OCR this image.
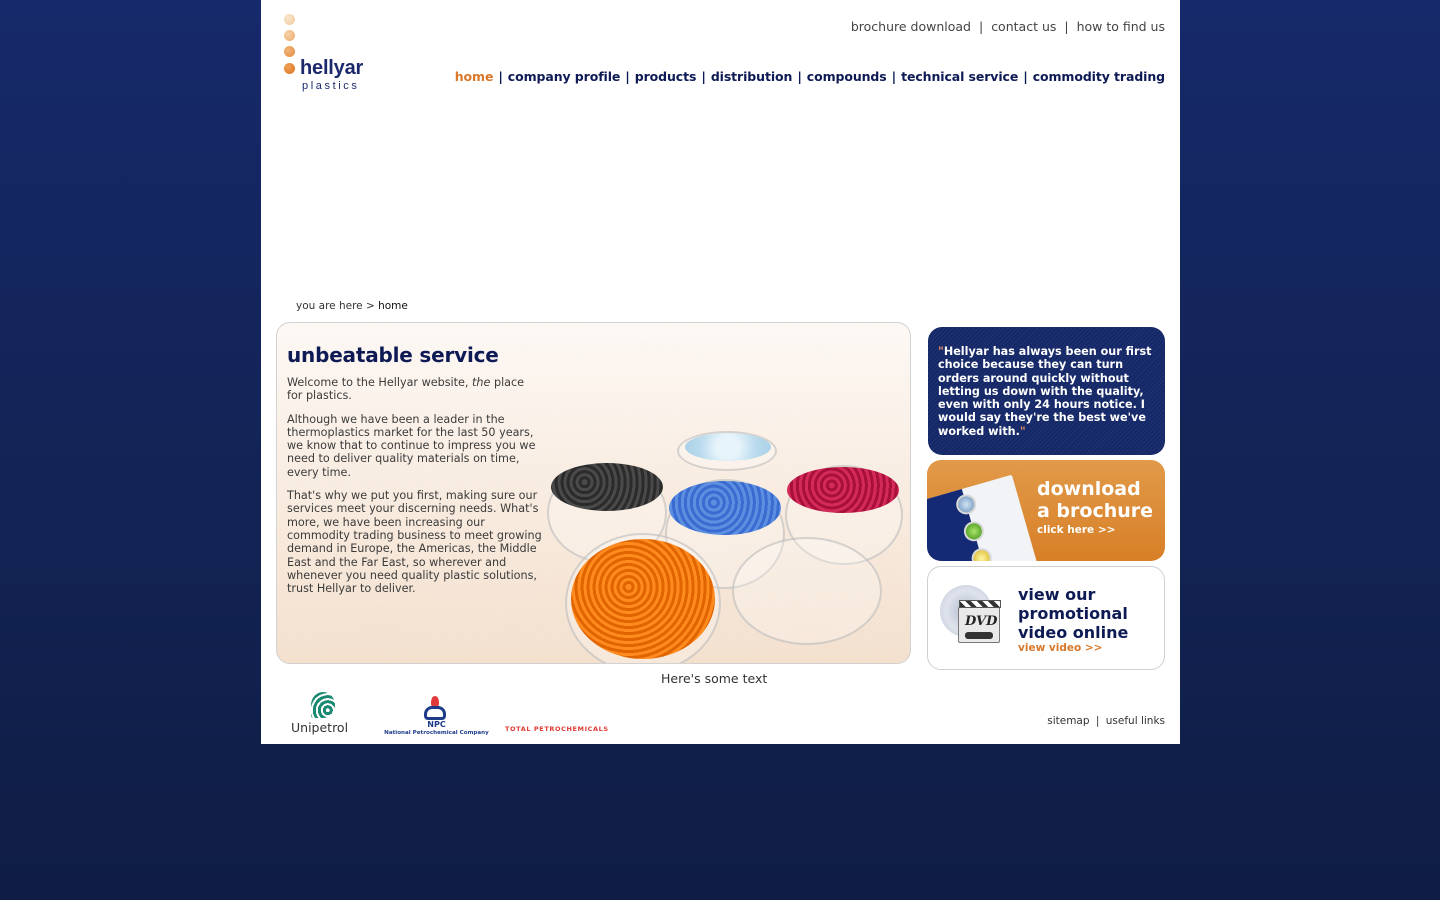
hellyar
plastics
brochure download | contact us | how to find us
home | company profile | products | distribution | compounds | technical service | commodity trading
you are here > home
unbeatable service

Welcome to the Hellyar website, the place for plastics.

Although we have been a leader in the thermoplastics market for the last 50 years, we know that to continue to impress you we need to deliver quality materials on time, every time.

That's why we put you first, making sure our services meet your discerning needs. What's more, we have been increasing our commodity trading business to meet growing demand in Europe, the Americas, the Middle East and the Far East, so wherever and whenever you need quality plastic solutions, trust Hellyar to deliver.

Here's some text
"Hellyar has always been our first choice because they can turn orders around quickly without letting us down with the quality, even with only 24 hours notice. I would say they're the best we've worked with."
download
a brochure
click here >>
DVD
view our
promotional
video online
view video >>
Unipetrol	NPC
National Petrochemical Company TOTAL PETROCHEMICALS
sitemap | useful links
